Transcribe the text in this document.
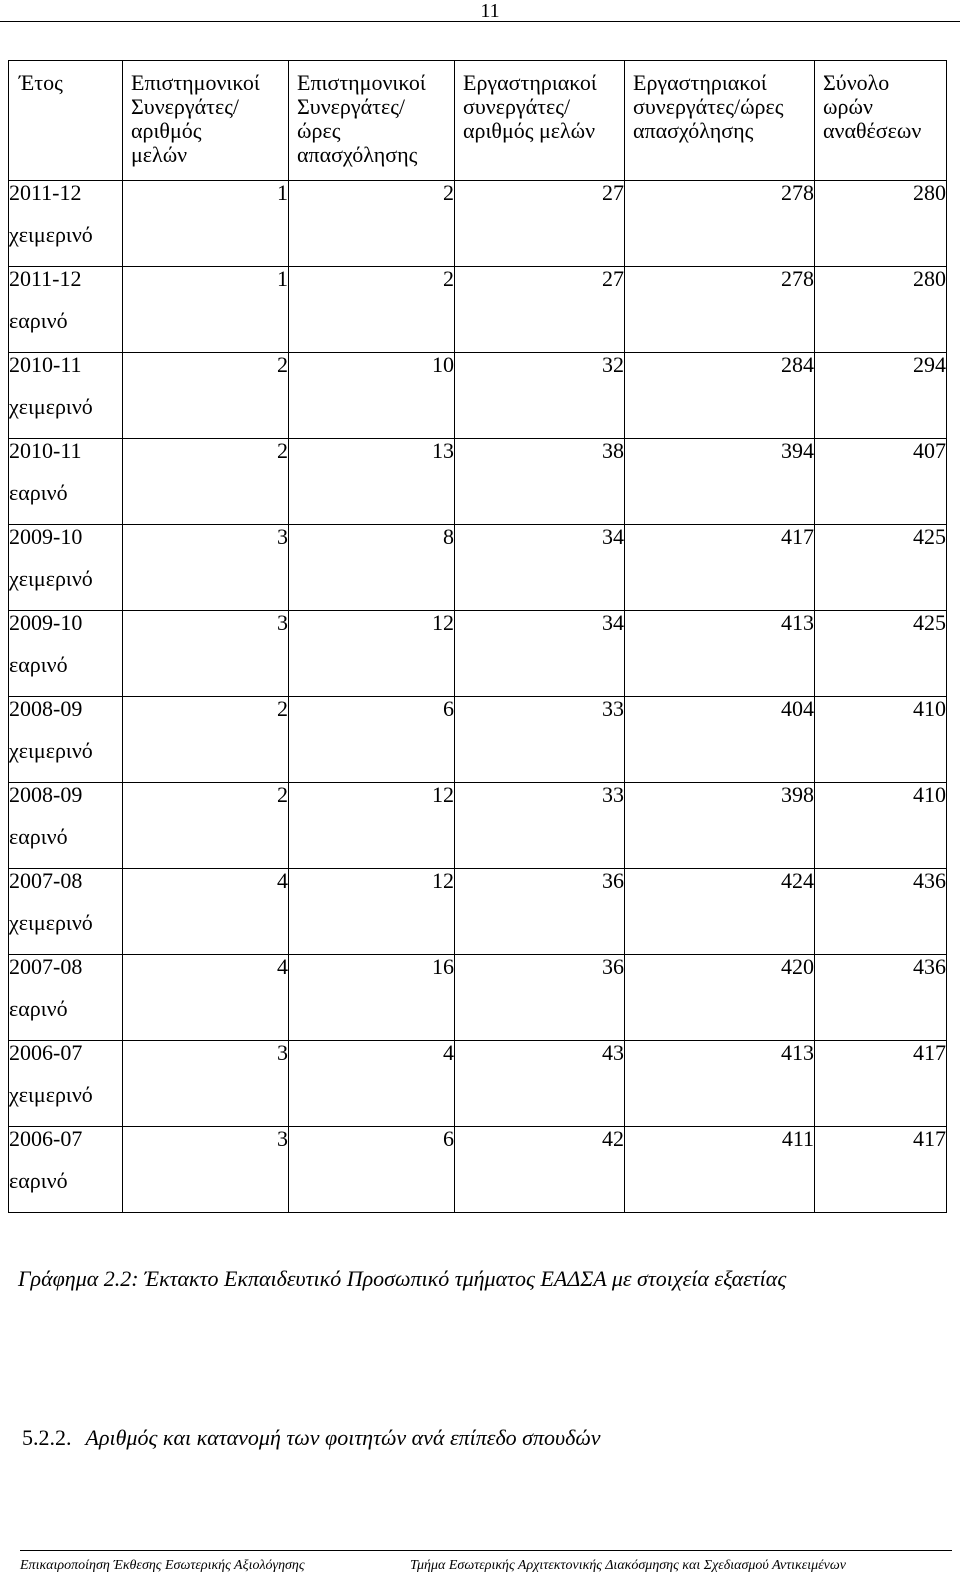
11
Έτος	Επιστημονικοί
Συνεργάτες/
αριθμός
μελών	Επιστημονικοί
Συνεργάτες/
ώρες
απασχόλησης	Εργαστηριακοί
συνεργάτες/
αριθμός μελών	Εργαστηριακοί
συνεργάτες/ώρες
απασχόλησης	Σύνολο
ωρών
αναθέσεων

2011-12
χειμερινό	1	2	27	278	280

2011-12
εαρινό	1	2	27	278	280

2010-11
χειμερινό	2	10	32	284	294

2010-11
εαρινό	2	13	38	394	407

2009-10
χειμερινό	3	8	34	417	425

2009-10
εαρινό	3	12	34	413	425

2008-09
χειμερινό	2	6	33	404	410

2008-09
εαρινό	2	12	33	398	410

2007-08
χειμερινό	4	12	36	424	436

2007-08
εαρινό	4	16	36	420	436

2006-07
χειμερινό	3	4	43	413	417

2006-07
εαρινό	3	6	42	411	417
Γράφημα 2.2: Έκτακτο Εκπαιδευτικό Προσωπικό τμήματος ΕΑΔΣΑ με στοιχεία εξαετίας
5.2.2. Αριθμός και κατανομή των φοιτητών ανά επίπεδο σπουδών
Επικαιροποίηση Έκθεσης Εσωτερικής Αξιολόγησης	Τμήμα Εσωτερικής Αρχιτεκτονικής Διακόσμησης και Σχεδιασμού Αντικειμένων
